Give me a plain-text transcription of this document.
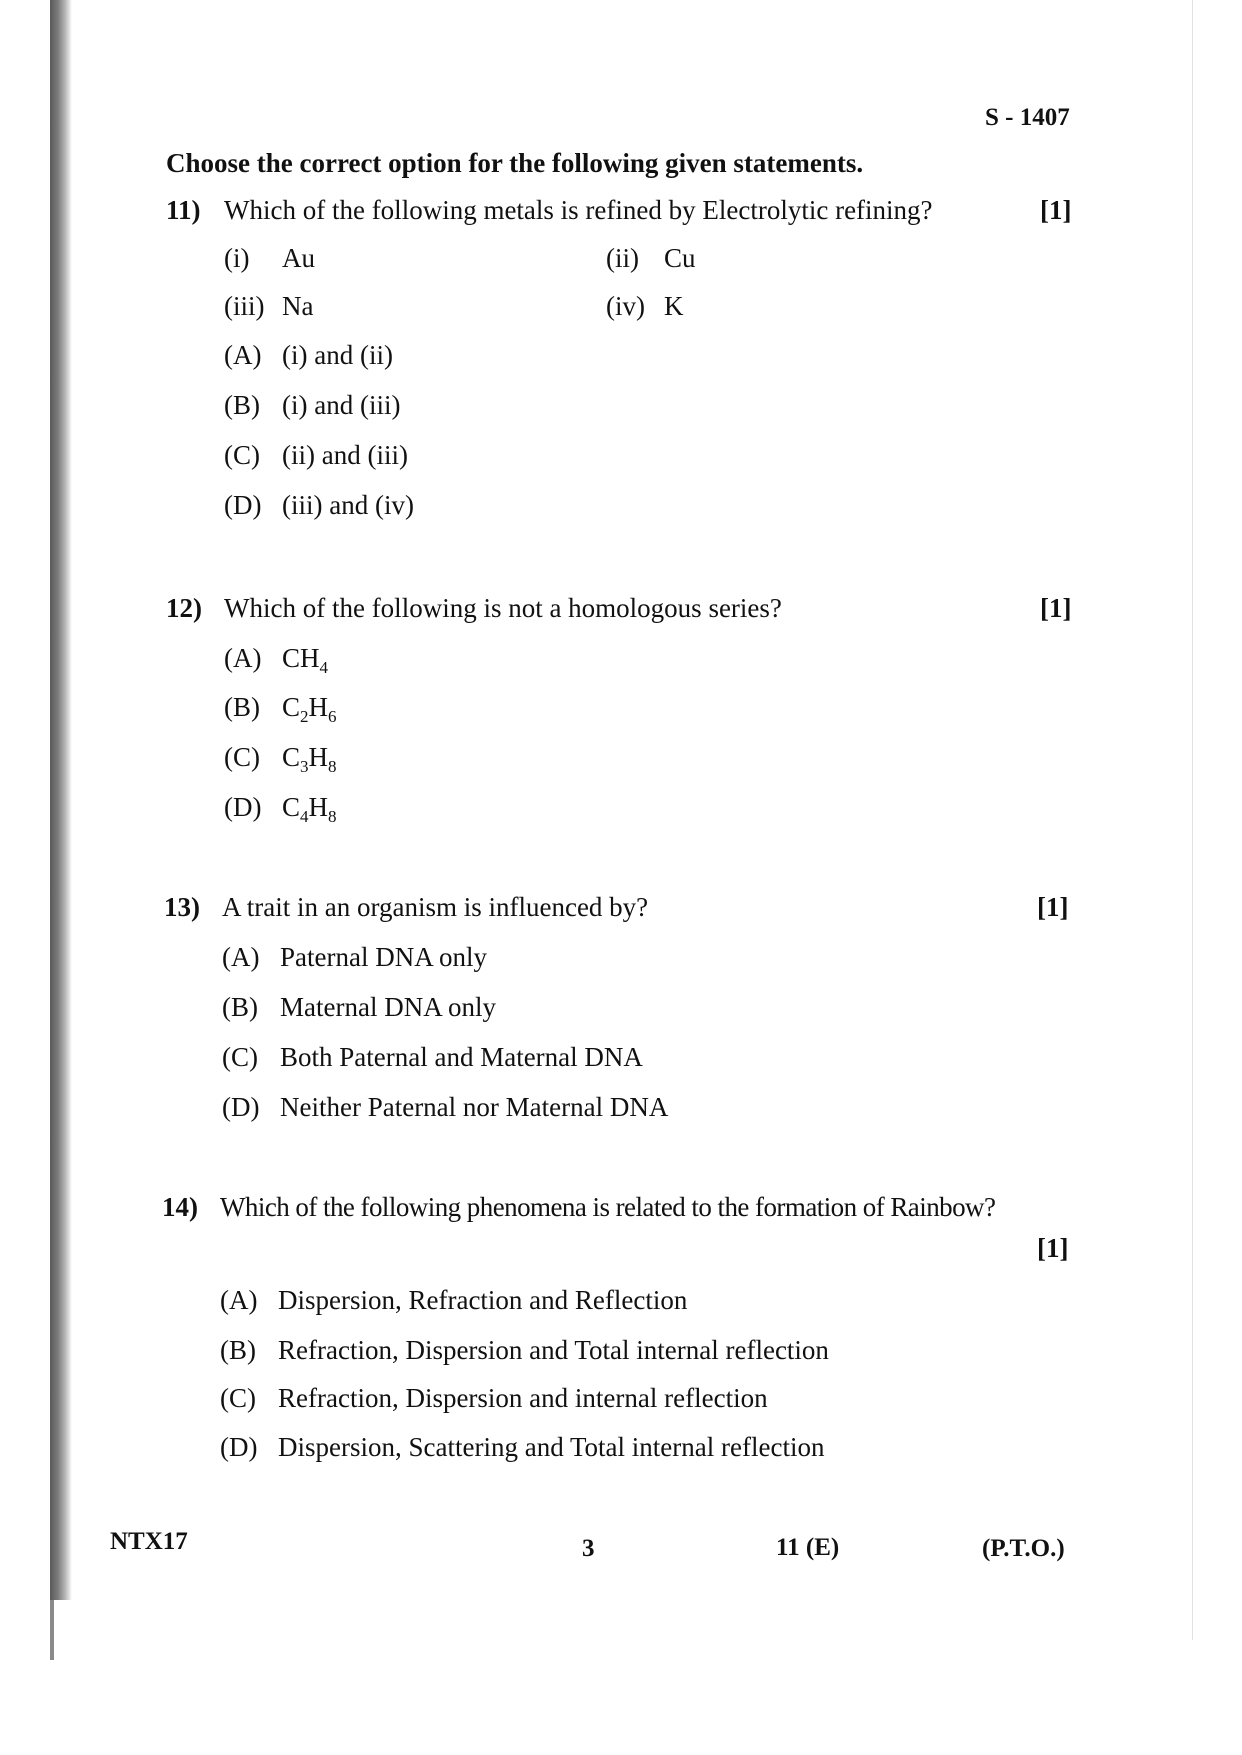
S - 1407
Choose the correct option for the following given statements.
11) Which of the following metals is refined by Electrolytic refining?	[1]
(i) Au	(ii) Cu
(iii) Na	(iv) K
(A) (i) and (ii)
(B) (i) and (iii)
(C) (ii) and (iii)
(D) (iii) and (iv)
12) Which of the following is not a homologous series?	[1]
(A) $CH_4$
(B) $C_2H_6$
(C) $C_3H_8$
(D) $C_4H_8$
13) A trait in an organism is influenced by?	[1]
(A) Paternal DNA only
(B) Maternal DNA only
(C) Both Paternal and Maternal DNA
(D) Neither Paternal nor Maternal DNA
14) Which of the following phenomena is related to the formation of Rainbow?
[1]
(A) Dispersion, Refraction and Reflection
(B) Refraction, Dispersion and Total internal reflection
(C) Refraction, Dispersion and internal reflection
(D) Dispersion, Scattering and Total internal reflection
NTX17	3	11 (E)	(P.T.O.)
